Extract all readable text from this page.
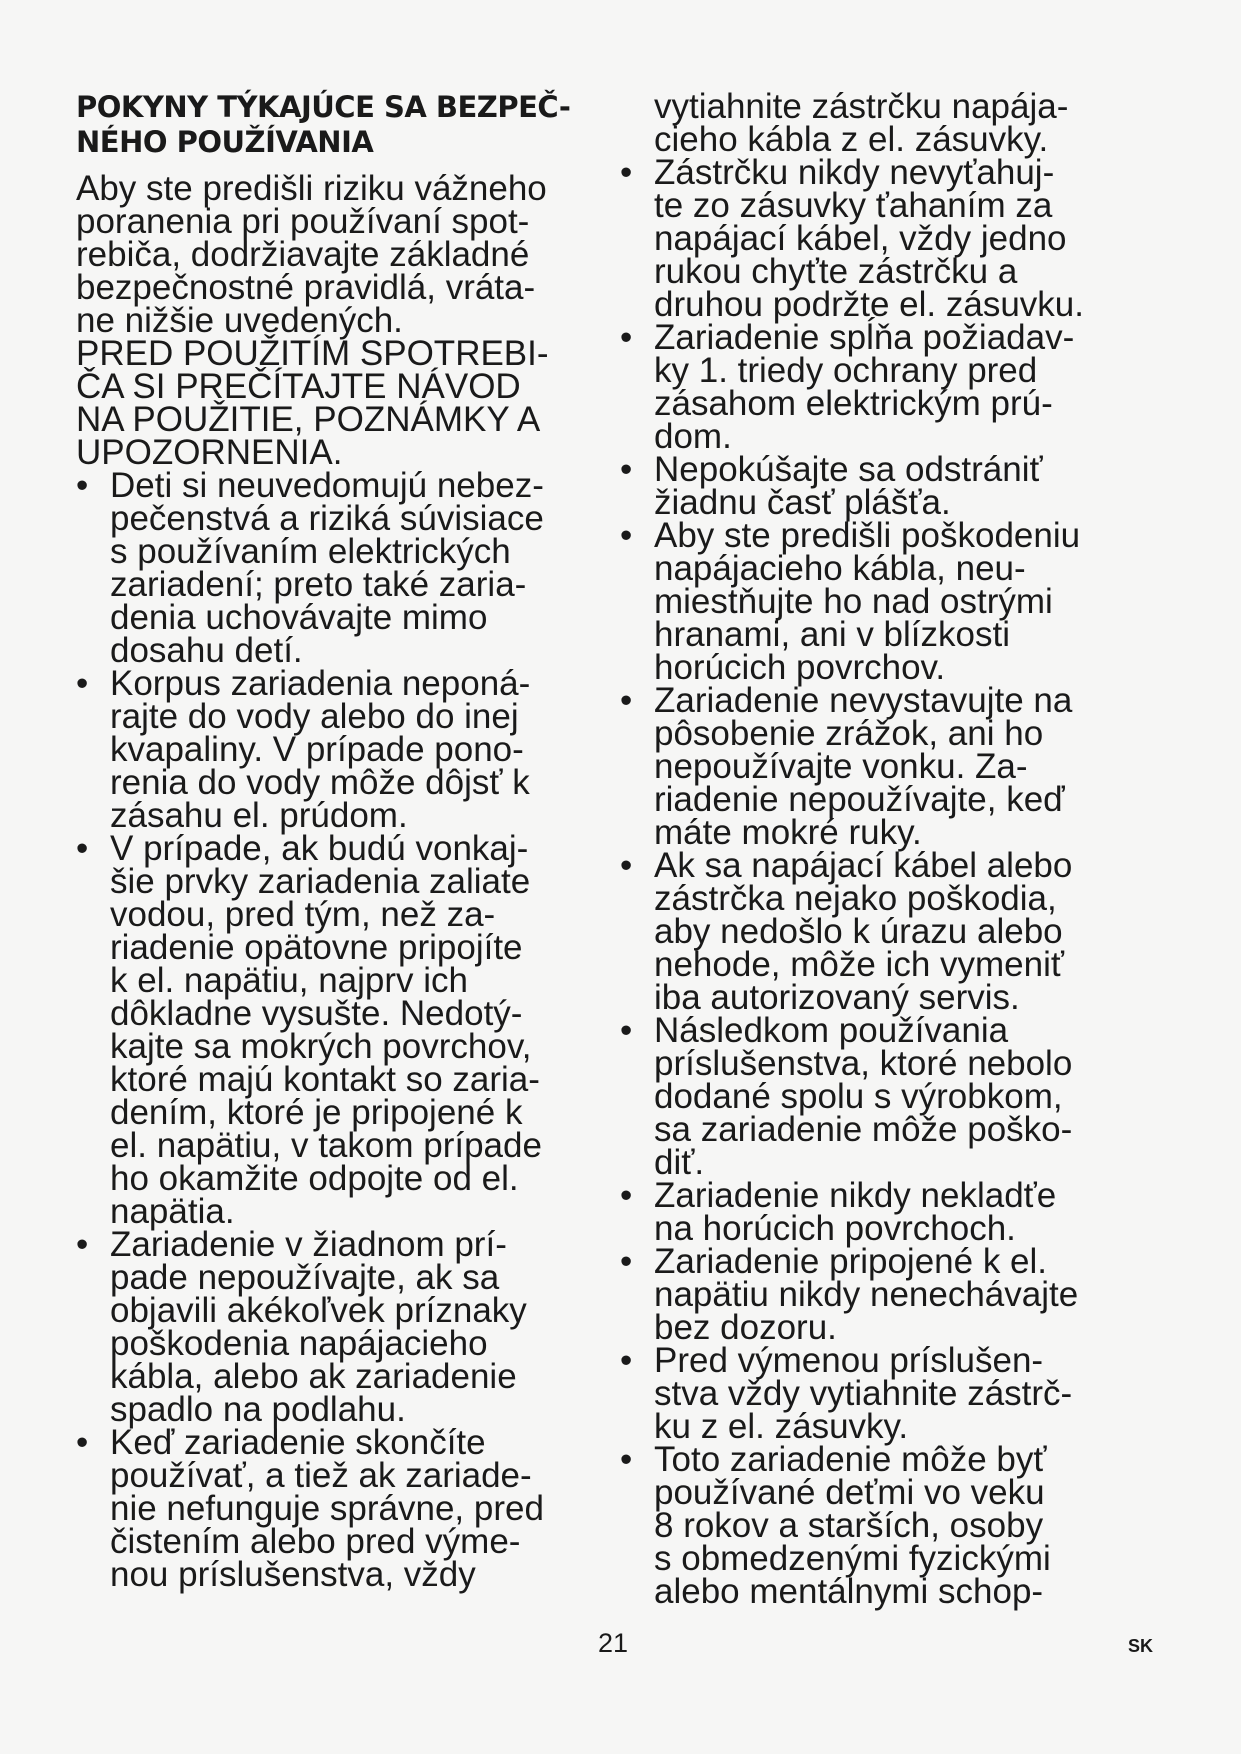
POKYNY TÝKAJÚCE SA BEZPEČ-
NÉHO POUŽÍVANIA

Aby ste predišli riziku vážneho
poranenia pri používaní spot-
rebiča, dodržiavajte základné
bezpečnostné pravidlá, vráta-
ne nižšie uvedených.

PRED POUŽITÍM SPOTREBI-
ČA SI PREČÍTAJTE NÁVOD
NA POUŽITIE, POZNÁMKY A
UPOZORNENIA.

• Deti si neuvedomujú nebez-
pečenstvá a riziká súvisiace
s používaním elektrických
zariadení; preto také zaria-
denia uchovávajte mimo
dosahu detí.
• Korpus zariadenia neponá-
rajte do vody alebo do inej
kvapaliny. V prípade pono-
renia do vody môže dôjsť k
zásahu el. prúdom.
• V prípade, ak budú vonkaj-
šie prvky zariadenia zaliate
vodou, pred tým, než za-
riadenie opätovne pripojíte
k el. napätiu, najprv ich
dôkladne vysušte. Nedotý-
kajte sa mokrých povrchov,
ktoré majú kontakt so zaria-
dením, ktoré je pripojené k
el. napätiu, v takom prípade
ho okamžite odpojte od el.
napätia.
• Zariadenie v žiadnom prí-
pade nepoužívajte, ak sa
objavili akékoľvek príznaky
poškodenia napájacieho
kábla, alebo ak zariadenie
spadlo na podlahu.
• Keď zariadenie skončíte
používať, a tiež ak zariade-
nie nefunguje správne, pred
čistením alebo pred výme-
nou príslušenstva, vždy
vytiahnite zástrčku napája-
cieho kábla z el. zásuvky.
• Zástrčku nikdy nevyťahuj-
te zo zásuvky ťahaním za
napájací kábel, vždy jedno
rukou chyťte zástrčku a
druhou podržte el. zásuvku.
• Zariadenie spĺňa požiadav-
ky 1. triedy ochrany pred
zásahom elektrickým prú-
dom.
• Nepokúšajte sa odstrániť
žiadnu časť plášťa.
• Aby ste predišli poškodeniu
napájacieho kábla, neu-
miestňujte ho nad ostrými
hranami, ani v blízkosti
horúcich povrchov.
• Zariadenie nevystavujte na
pôsobenie zrážok, ani ho
nepoužívajte vonku. Za-
riadenie nepoužívajte, keď
máte mokré ruky.
• Ak sa napájací kábel alebo
zástrčka nejako poškodia,
aby nedošlo k úrazu alebo
nehode, môže ich vymeniť
iba autorizovaný servis.
• Následkom používania
príslušenstva, ktoré nebolo
dodané spolu s výrobkom,
sa zariadenie môže poško-
diť.
• Zariadenie nikdy nekladťe
na horúcich povrchoch.
• Zariadenie pripojené k el.
napätiu nikdy nenechávajte
bez dozoru.
• Pred výmenou príslušen-
stva vždy vytiahnite zástrč-
ku z el. zásuvky.
• Toto zariadenie môže byť
používané deťmi vo veku
8 rokov a starších, osoby
s obmedzenými fyzickými
alebo mentálnymi schop-
21	SK
